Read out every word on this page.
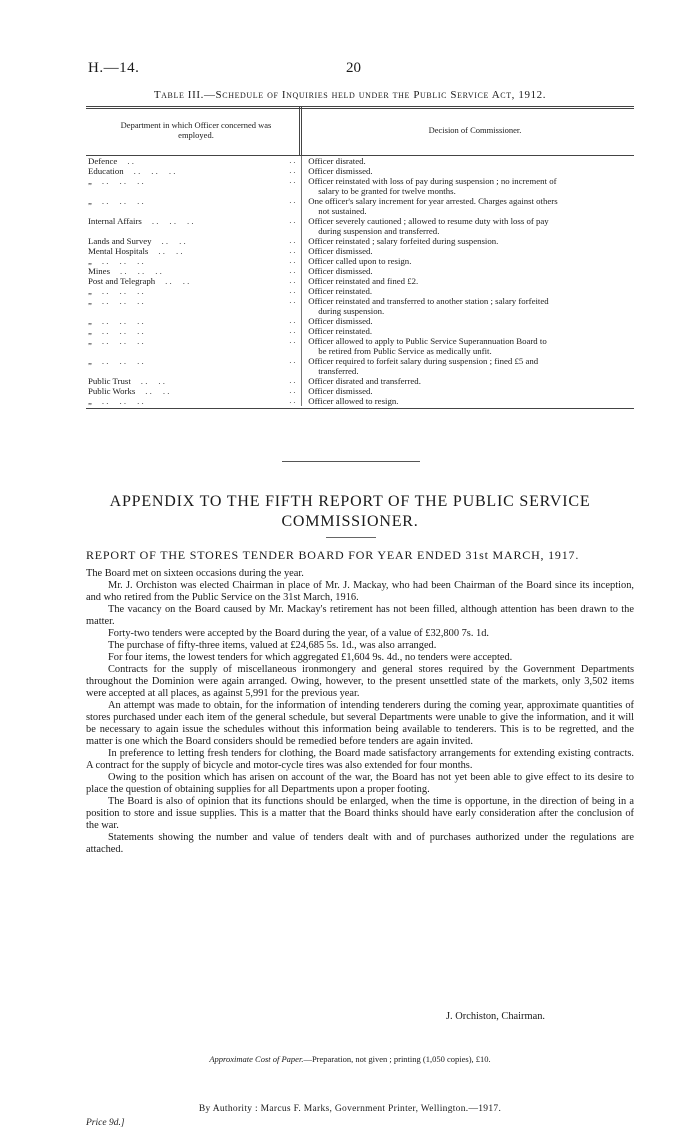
H.—14.	20
Table III.—Schedule of Inquiries held under the Public Service Act, 1912.
Department in which Officer concerned was employed.	Decision of Commissioner.
Defence . .	. .	Officer disrated.
Education . .     . .     . .	. .	Officer dismissed.
„ . .     . .     . .	. .	Officer reinstated with loss of pay during suspension ; no increment of
salary to be granted for twelve months.
„ . .     . .     . .	. .	One officer's salary increment for year arrested. Charges against others
not sustained.
Internal Affairs . .     . .     . .	. .	Officer severely cautioned ; allowed to resume duty with loss of pay
during suspension and transferred.
Lands and Survey . .     . .	. .	Officer reinstated ; salary forfeited during suspension.
Mental Hospitals . .     . .	. .	Officer dismissed.
„ . .     . .     . .	. .	Officer called upon to resign.
Mines . .     . .     . .	. .	Officer dismissed.
Post and Telegraph . .     . .	. .	Officer reinstated and fined £2.
„ . .     . .     . .	. .	Officer reinstated.
„ . .     . .     . .	. .	Officer reinstated and transferred to another station ; salary forfeited
during suspension.
„ . .     . .     . .	. .	Officer dismissed.
„ . .     . .     . .	. .	Officer reinstated.
„ . .     . .     . .	. .	Officer allowed to apply to Public Service Superannuation Board to
be retired from Public Service as medically unfit.
„ . .     . .     . .	. .	Officer required to forfeit salary during suspension ; fined £5 and
transferred.
Public Trust . .     . .	. .	Officer disrated and transferred.
Public Works . .     . .	. .	Officer dismissed.
„ . .     . .     . .	. .	Officer allowed to resign.
APPENDIX TO THE FIFTH REPORT OF THE PUBLIC SERVICE COMMISSIONER.
REPORT OF THE STORES TENDER BOARD FOR YEAR ENDED 31st MARCH, 1917.

The Board met on sixteen occasions during the year.

Mr. J. Orchiston was elected Chairman in place of Mr. J. Mackay, who had been Chairman of the Board since its inception, and who retired from the Public Service on the 31st March, 1916.

The vacancy on the Board caused by Mr. Mackay's retirement has not been filled, although attention has been drawn to the matter.

Forty-two tenders were accepted by the Board during the year, of a value of £32,800 7s. 1d.

The purchase of fifty-three items, valued at £24,685 5s. 1d., was also arranged.

For four items, the lowest tenders for which aggregated £1,604 9s. 4d., no tenders were accepted.

Contracts for the supply of miscellaneous ironmongery and general stores required by the Government Departments throughout the Dominion were again arranged. Owing, however, to the present unsettled state of the markets, only 3,502 items were accepted at all places, as against 5,991 for the previous year.

An attempt was made to obtain, for the information of intending tenderers during the coming year, approximate quantities of stores purchased under each item of the general schedule, but several Departments were unable to give the information, and it will be necessary to again issue the schedules without this information being available to tenderers. This is to be regretted, and the matter is one which the Board considers should be remedied before tenders are again invited.

In preference to letting fresh tenders for clothing, the Board made satisfactory arrangements for extending existing contracts. A contract for the supply of bicycle and motor-cycle tires was also extended for four months.

Owing to the position which has arisen on account of the war, the Board has not yet been able to give effect to its desire to place the question of obtaining supplies for all Departments upon a proper footing.

The Board is also of opinion that its functions should be enlarged, when the time is opportune, in the direction of being in a position to store and issue supplies. This is a matter that the Board thinks should have early consideration after the conclusion of the war.

Statements showing the number and value of tenders dealt with and of purchases authorized under the regulations are attached.

J. Orchiston, Chairman.
Approximate Cost of Paper.—Preparation, not given ; printing (1,050 copies), £10.
By Authority : Marcus F. Marks, Government Printer, Wellington.—1917.
Price 9d.]
